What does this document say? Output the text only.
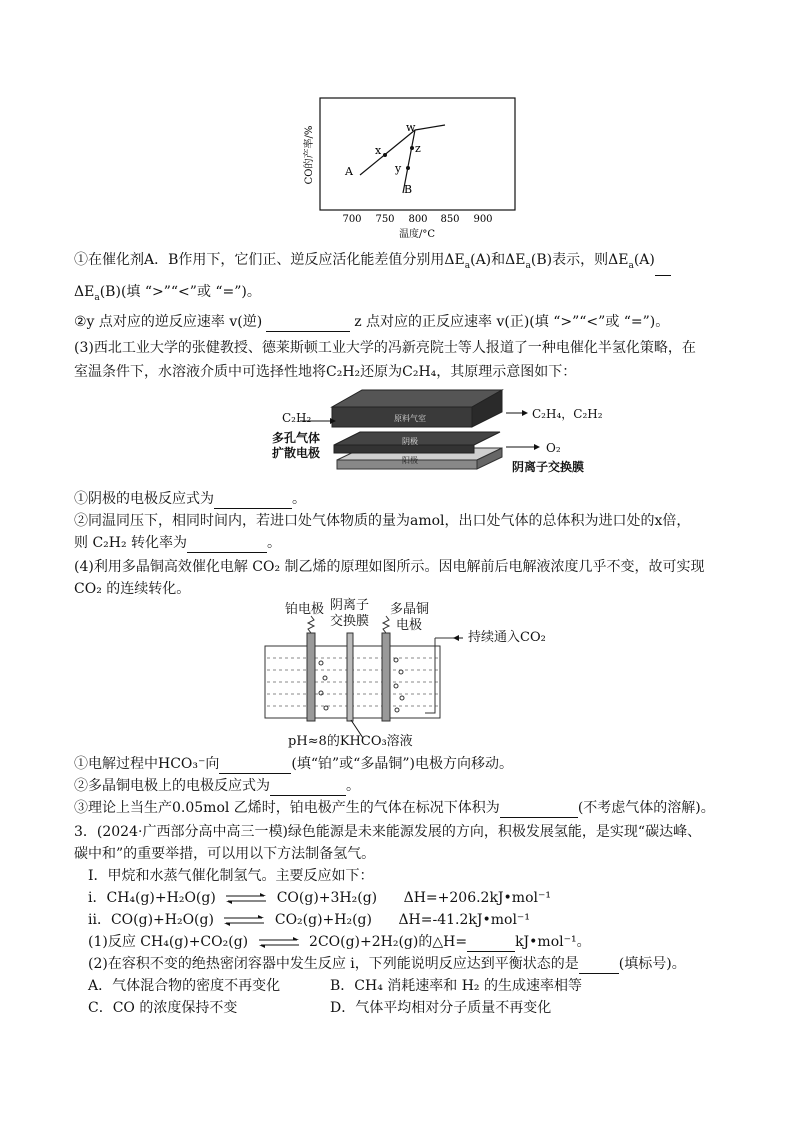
CO的产率/%	A
B
x
y
z
w
700 750 800 850 900
温度/°C
①在催化剂A．B作用下，它们正、逆反应活化能差值分别用$\Delta E_a(A)$和$\Delta E_a(B)$表示，则$\Delta E_a(A)$
$\Delta E_a(B)$(填 “>”“<”或 “=”)。
②y 点对应的逆反应速率 v(逆)	z 点对应的正反应速率 v(正)(填 “>”“<”或 “=”)。
(3)西北工业大学的张健教授、德莱斯顿工业大学的冯新亮院士等人报道了一种电催化半氢化策略，在
室温条件下，水溶液介质中可选择性地将C₂H₂还原为C₂H₄，其原理示意图如下：
阳极
阴极
原料气室
C₂H₂	C₂H₄，C₂H₂
O₂
多孔气体
扩散电极
阴离子交换膜
①阴极的电极反应式为	。
②同温同压下，相同时间内，若进口处气体物质的量为amol，出口处气体的总体积为进口处的x倍，
则 C₂H₂ 转化率为	。
(4)利用多晶铜高效催化电解 CO₂ 制乙烯的原理如图所示。因电解前后电解液浓度几乎不变，故可实现
CO₂ 的连续转化。
铂电极 阴离子
交换膜
多晶铜
电极
持续通入CO₂
pH≈8的KHCO₃溶液
①电解过程中HCO₃⁻向	(填“铂”或“多晶铜”)电极方向移动。
②多晶铜电极上的电极反应式为	。
③理论上当生产0.05mol 乙烯时，铂电极产生的气体在标况下体积为	(不考虑气体的溶解)。
3．(2024·广西部分高中高三一模)绿色能源是未来能源发展的方向，积极发展氢能，是实现“碳达峰、
碳中和”的重要举措，可以用以下方法制备氢气。
I．甲烷和水蒸气催化制氢气。主要反应如下：
i．CH₄(g)+H₂O(g) ⇌ CO(g)+3H₂(g) ΔH=+206.2kJ•mol⁻¹
ii．CO(g)+H₂O(g) ⇌ CO₂(g)+H₂(g) ΔH=-41.2kJ•mol⁻¹
(1)反应 CH₄(g)+CO₂(g) ⇌ 2CO(g)+2H₂(g)的△H=	kJ•mol⁻¹。
(2)在容积不变的绝热密闭容器中发生反应 i，下列能说明反应达到平衡状态的是	(填标号)。
A．气体混合物的密度不再变化	B．CH₄ 消耗速率和 H₂ 的生成速率相等
C．CO 的浓度保持不变	D．气体平均相对分子质量不再变化
